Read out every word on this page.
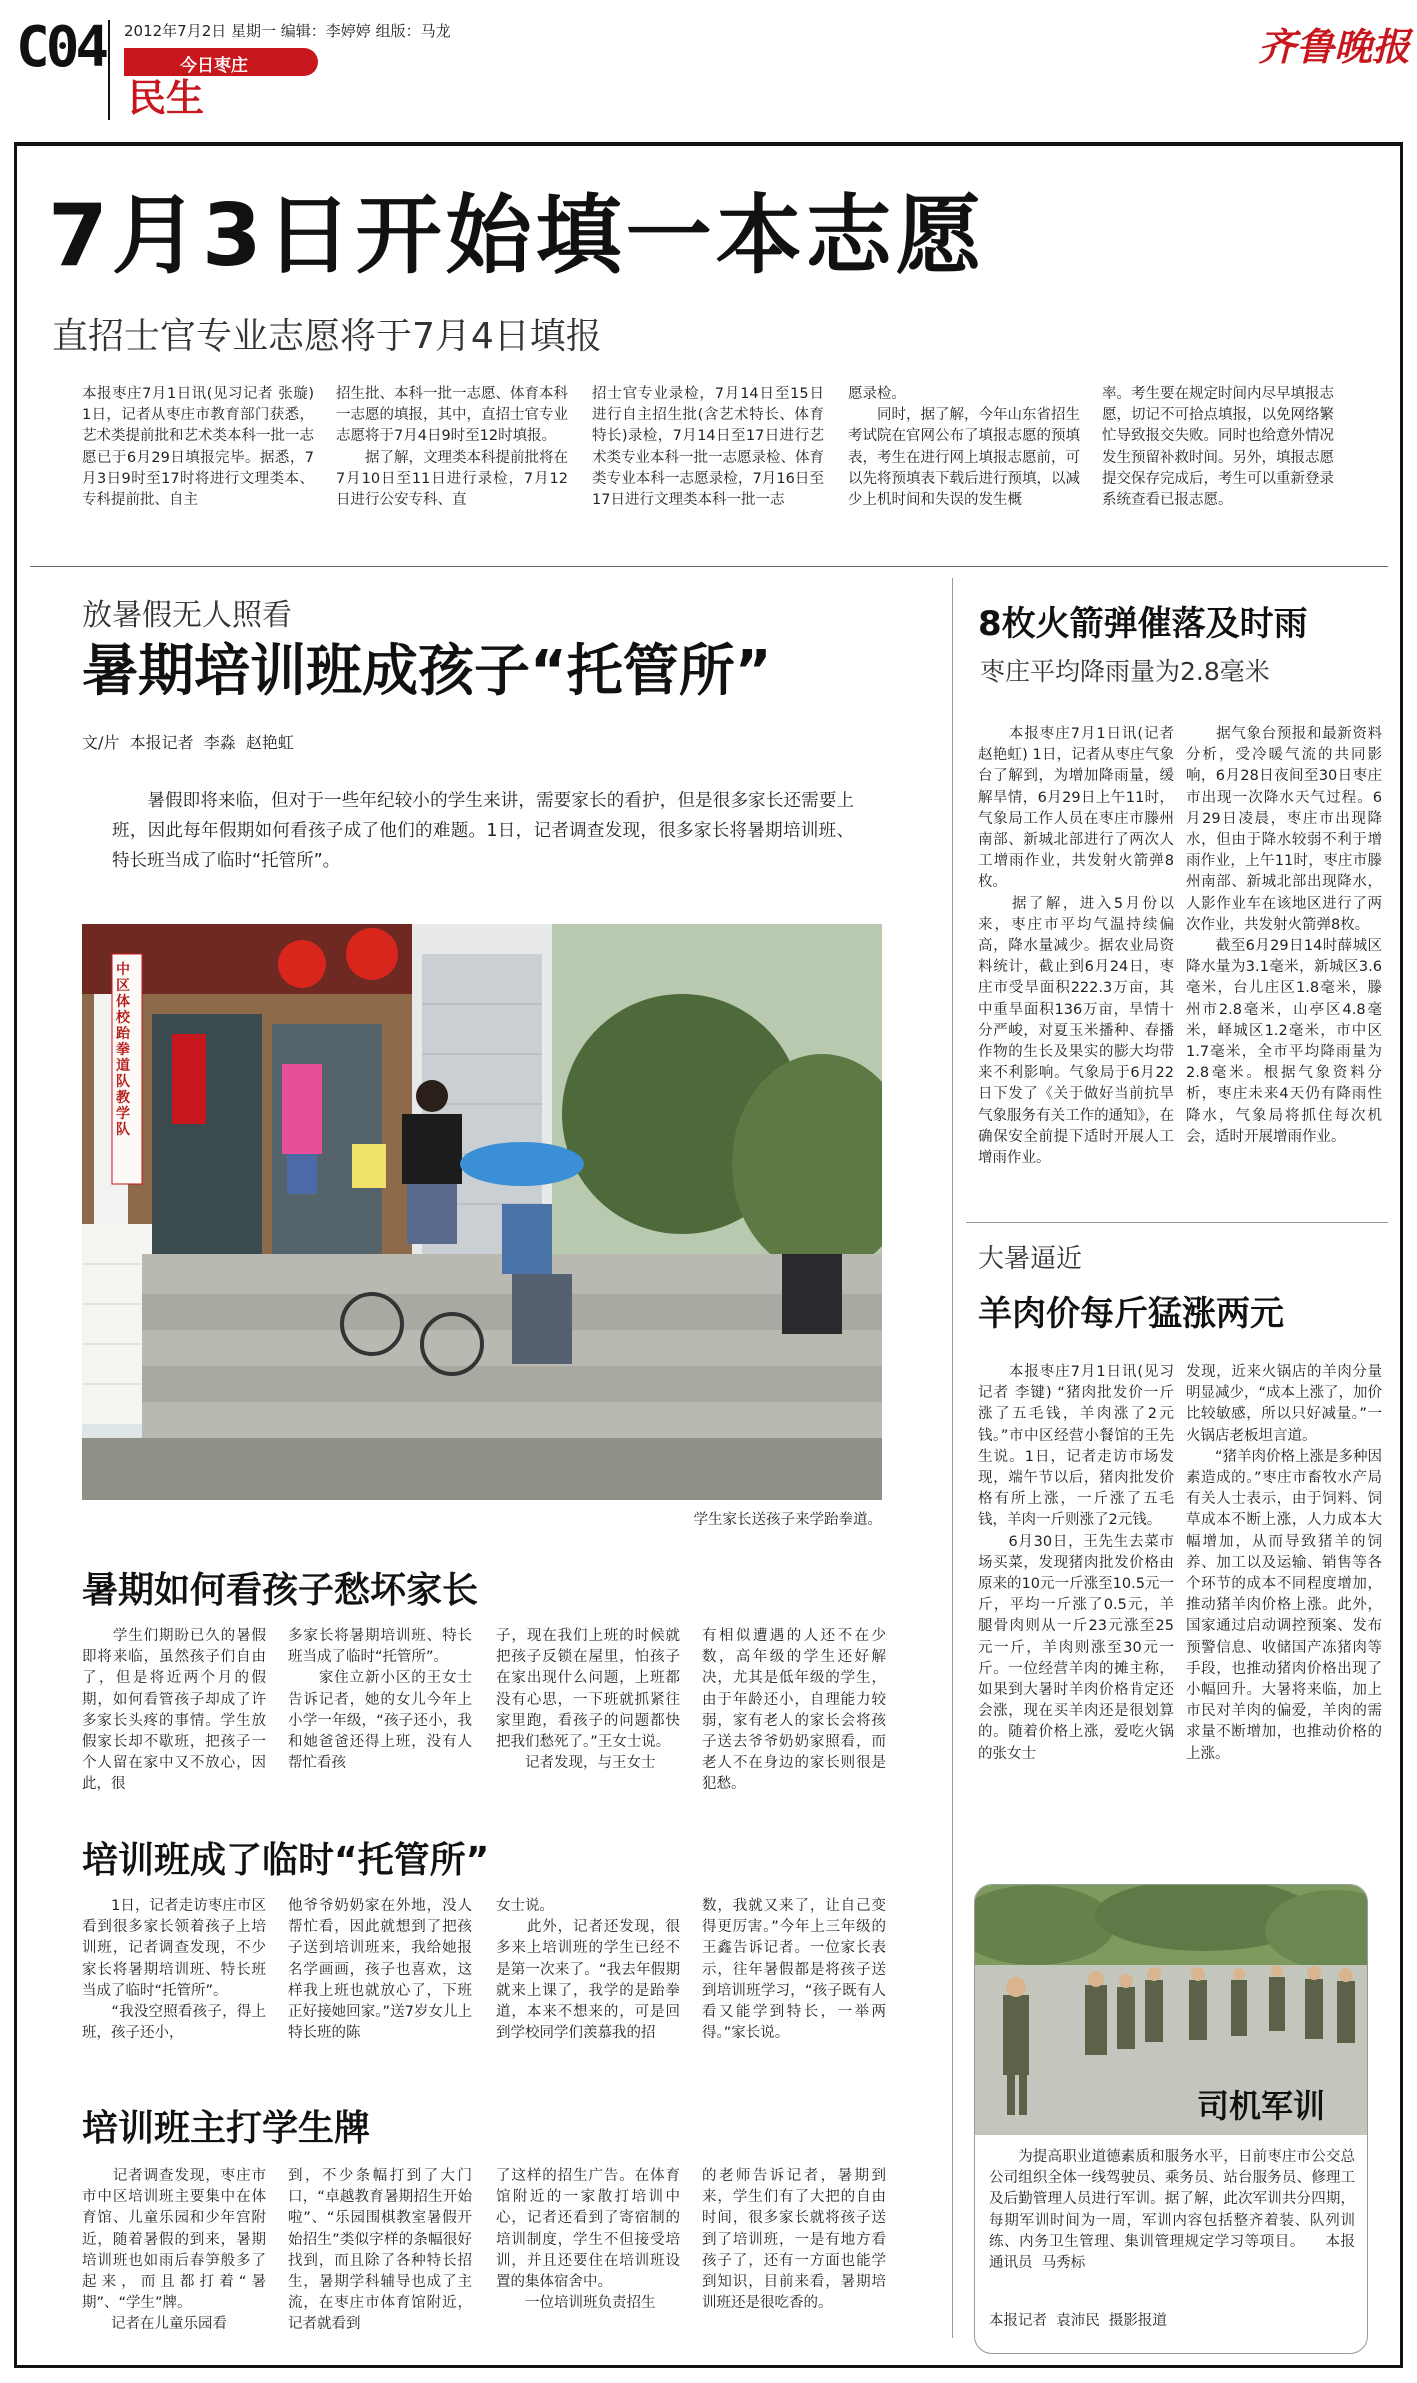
C04 2012年7月2日 星期一 编辑：李婷婷 组版：马龙
今日枣庄
民生
齐鲁晚报
7月3日开始填一本志愿
直招士官专业志愿将于7月4日填报
本报枣庄7月1日讯(见习记者 张璇) 1日，记者从枣庄市教育部门获悉，艺术类提前批和艺术类本科一批一志愿已于6月29日填报完毕。据悉，7月3日9时至17时将进行文理类本、专科提前批、自主
招生批、本科一批一志愿、体育本科一志愿的填报，其中，直招士官专业志愿将于7月4日9时至12时填报。
　　据了解，文理类本科提前批将在7月10日至11日进行录检，7月12日进行公安专科、直
招士官专业录检，7月14日至15日进行自主招生批(含艺术特长、体育特长)录检，7月14日至17日进行艺术类专业本科一批一志愿录检、体育类专业本科一志愿录检，7月16日至17日进行文理类本科一批一志
愿录检。
　　同时，据了解，今年山东省招生考试院在官网公布了填报志愿的预填表，考生在进行网上填报志愿前，可以先将预填表下载后进行预填，以减少上机时间和失误的发生概
率。考生要在规定时间内尽早填报志愿，切记不可拾点填报，以免网络繁忙导致报交失败。同时也给意外情况发生预留补救时间。另外，填报志愿提交保存完成后，考生可以重新登录系统查看已报志愿。
放暑假无人照看
暑期培训班成孩子“托管所”
文/片  本报记者  李淼  赵艳虹
　　暑假即将来临，但对于一些年纪较小的学生来讲，需要家长的看护，但是很多家长还需要上班，因此每年假期如何看孩子成了他们的难题。1日，记者调查发现，很多家长将暑期培训班、特长班当成了临时“托管所”。
中区体校跆拳道队教学队
学生家长送孩子来学跆拳道。
暑期如何看孩子愁坏家长
　　学生们期盼已久的暑假即将来临，虽然孩子们自由了，但是将近两个月的假期，如何看管孩子却成了许多家长头疼的事情。学生放假家长却不歇班，把孩子一个人留在家中又不放心，因此，很
多家长将暑期培训班、特长班当成了临时“托管所”。
　　家住立新小区的王女士告诉记者，她的女儿今年上小学一年级，“孩子还小，我和她爸爸还得上班，没有人帮忙看孩
子，现在我们上班的时候就把孩子反锁在屋里，怕孩子在家出现什么问题，上班都没有心思，一下班就抓紧往家里跑，看孩子的问题都快把我们愁死了。”王女士说。
　　记者发现，与王女士
有相似遭遇的人还不在少数，高年级的学生还好解决，尤其是低年级的学生，由于年龄还小，自理能力较弱，家有老人的家长会将孩子送去爷爷奶奶家照看，而老人不在身边的家长则很是犯愁。
培训班成了临时“托管所”
　　1日，记者走访枣庄市区看到很多家长领着孩子上培训班，记者调查发现，不少家长将暑期培训班、特长班当成了临时“托管所”。
　　“我没空照看孩子，得上班，孩子还小，
他爷爷奶奶家在外地，没人帮忙看，因此就想到了把孩子送到培训班来，我给她报名学画画，孩子也喜欢，这样我上班也就放心了，下班正好接她回家。”送7岁女儿上特长班的陈
女士说。
　　此外，记者还发现，很多来上培训班的学生已经不是第一次来了。“我去年假期就来上课了，我学的是跆拳道，本来不想来的，可是回到学校同学们羡慕我的招
数，我就又来了，让自己变得更厉害。”今年上三年级的王鑫告诉记者。一位家长表示，往年暑假都是将孩子送到培训班学习，“孩子既有人看又能学到特长，一举两得。”家长说。
培训班主打学生牌
　　记者调查发现，枣庄市市中区培训班主要集中在体育馆、儿童乐园和少年宫附近，随着暑假的到来，暑期培训班也如雨后春笋般多了起来，而且都打着“暑期”、“学生”牌。
　　记者在儿童乐园看
到，不少条幅打到了大门口，“卓越教育暑期招生开始啦”、“乐园围棋教室暑假开始招生”类似字样的条幅很好找到，而且除了各种特长招生，暑期学科辅导也成了主流，在枣庄市体育馆附近，记者就看到
了这样的招生广告。在体育馆附近的一家散打培训中心，记者还看到了寄宿制的培训制度，学生不但接受培训，并且还要住在培训班设置的集体宿舍中。
　　一位培训班负责招生
的老师告诉记者，暑期到来，学生们有了大把的自由时间，很多家长就将孩子送到了培训班，一是有地方看孩子了，还有一方面也能学到知识，目前来看，暑期培训班还是很吃香的。
8枚火箭弹催落及时雨
枣庄平均降雨量为2.8毫米
　　本报枣庄7月1日讯(记者 赵艳虹) 1日，记者从枣庄气象台了解到，为增加降雨量，缓解旱情，6月29日上午11时，气象局工作人员在枣庄市滕州南部、新城北部进行了两次人工增雨作业，共发射火箭弹8枚。
　　据了解，进入5月份以来，枣庄市平均气温持续偏高，降水量减少。据农业局资料统计，截止到6月24日，枣庄市受旱面积222.3万亩，其中重旱面积136万亩，旱情十分严峻，对夏玉米播种、春播作物的生长及果实的膨大均带来不利影响。气象局于6月22日下发了《关于做好当前抗旱气象服务有关工作的通知》，在确保安全前提下适时开展人工增雨作业。
　　据气象台预报和最新资料分析，受冷暖气流的共同影响，6月28日夜间至30日枣庄市出现一次降水天气过程。6月29日凌晨，枣庄市出现降水，但由于降水较弱不利于增雨作业，上午11时，枣庄市滕州南部、新城北部出现降水，人影作业车在该地区进行了两次作业，共发射火箭弹8枚。
　　截至6月29日14时薛城区降水量为3.1毫米，新城区3.6毫米，台儿庄区1.8毫米，滕州市2.8毫米，山亭区4.8毫米，峄城区1.2毫米，市中区1.7毫米，全市平均降雨量为2.8毫米。根据气象资料分析，枣庄未来4天仍有降雨性降水，气象局将抓住每次机会，适时开展增雨作业。
大暑逼近
羊肉价每斤猛涨两元
　　本报枣庄7月1日讯(见习记者 李键) “猪肉批发价一斤涨了五毛钱，羊肉涨了2元钱。”市中区经营小餐馆的王先生说。1日，记者走访市场发现，端午节以后，猪肉批发价格有所上涨，一斤涨了五毛钱，羊肉一斤则涨了2元钱。
　　6月30日，王先生去菜市场买菜，发现猪肉批发价格由原来的10元一斤涨至10.5元一斤，平均一斤涨了0.5元，羊腿骨肉则从一斤23元涨至25元一斤，羊肉则涨至30元一斤。一位经营羊肉的摊主称，如果到大暑时羊肉价格肯定还会涨，现在买羊肉还是很划算的。随着价格上涨，爱吃火锅的张女士
发现，近来火锅店的羊肉分量明显减少，“成本上涨了，加价比较敏感，所以只好减量。”一火锅店老板坦言道。
　　“猪羊肉价格上涨是多种因素造成的。”枣庄市畜牧水产局有关人士表示，由于饲料、饲草成本不断上涨，人力成本大幅增加，从而导致猪羊的饲养、加工以及运输、销售等各个环节的成本不同程度增加，推动猪羊肉价格上涨。此外，国家通过启动调控预案、发布预警信息、收储国产冻猪肉等手段，也推动猪肉价格出现了小幅回升。大暑将来临，加上市民对羊肉的偏爱，羊肉的需求量不断增加，也推动价格的上涨。
司机军训
　　为提高职业道德素质和服务水平，日前枣庄市公交总公司组织全体一线驾驶员、乘务员、站台服务员、修理工及后勤管理人员进行军训。据了解，此次军训共分四期，每期军训时间为一周，军训内容包括整齐着装、队列训练、内务卫生管理、集训管理规定学习等项目。    本报通讯员  马秀标
本报记者  袁沛民  摄影报道
